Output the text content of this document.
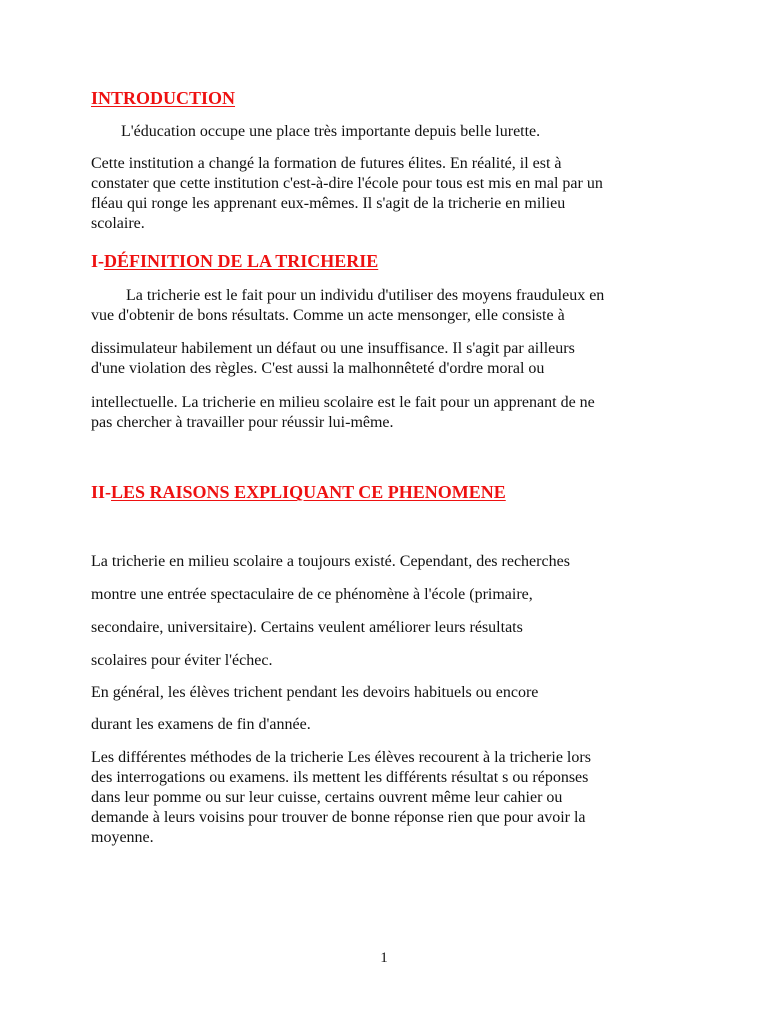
INTRODUCTION

L'éducation occupe une place très importante depuis belle lurette.

Cette institution a changé la formation de futures élites. En réalité, il est à
constater que cette institution c'est-à-dire l'école pour tous est mis en mal par un
fléau qui ronge les apprenant eux-mêmes. Il s'agit de la tricherie en milieu
scolaire.

I-DÉFINITION DE LA TRICHERIE

La tricherie est le fait pour un individu d'utiliser des moyens frauduleux en
vue d'obtenir de bons résultats. Comme un acte mensonger, elle consiste à

dissimulateur habilement un défaut ou une insuffisance. Il s'agit par ailleurs
d'une violation des règles. C'est aussi la malhonnêteté d'ordre moral ou

intellectuelle. La tricherie en milieu scolaire est le fait pour un apprenant de ne
pas chercher à travailler pour réussir lui-même.

II-LES RAISONS EXPLIQUANT CE PHENOMENE

La tricherie en milieu scolaire a toujours existé. Cependant, des recherches

montre une entrée spectaculaire de ce phénomène à l'école (primaire,

secondaire, universitaire). Certains veulent améliorer leurs résultats

scolaires pour éviter l'échec.

En général, les élèves trichent pendant les devoirs habituels ou encore

durant les examens de fin d'année.

Les différentes méthodes de la tricherie Les élèves recourent à la tricherie lors
des interrogations ou examens. ils mettent les différents résultat s ou réponses
dans leur pomme ou sur leur cuisse, certains ouvrent même leur cahier ou
demande à leurs voisins pour trouver de bonne réponse rien que pour avoir la
moyenne.

1
